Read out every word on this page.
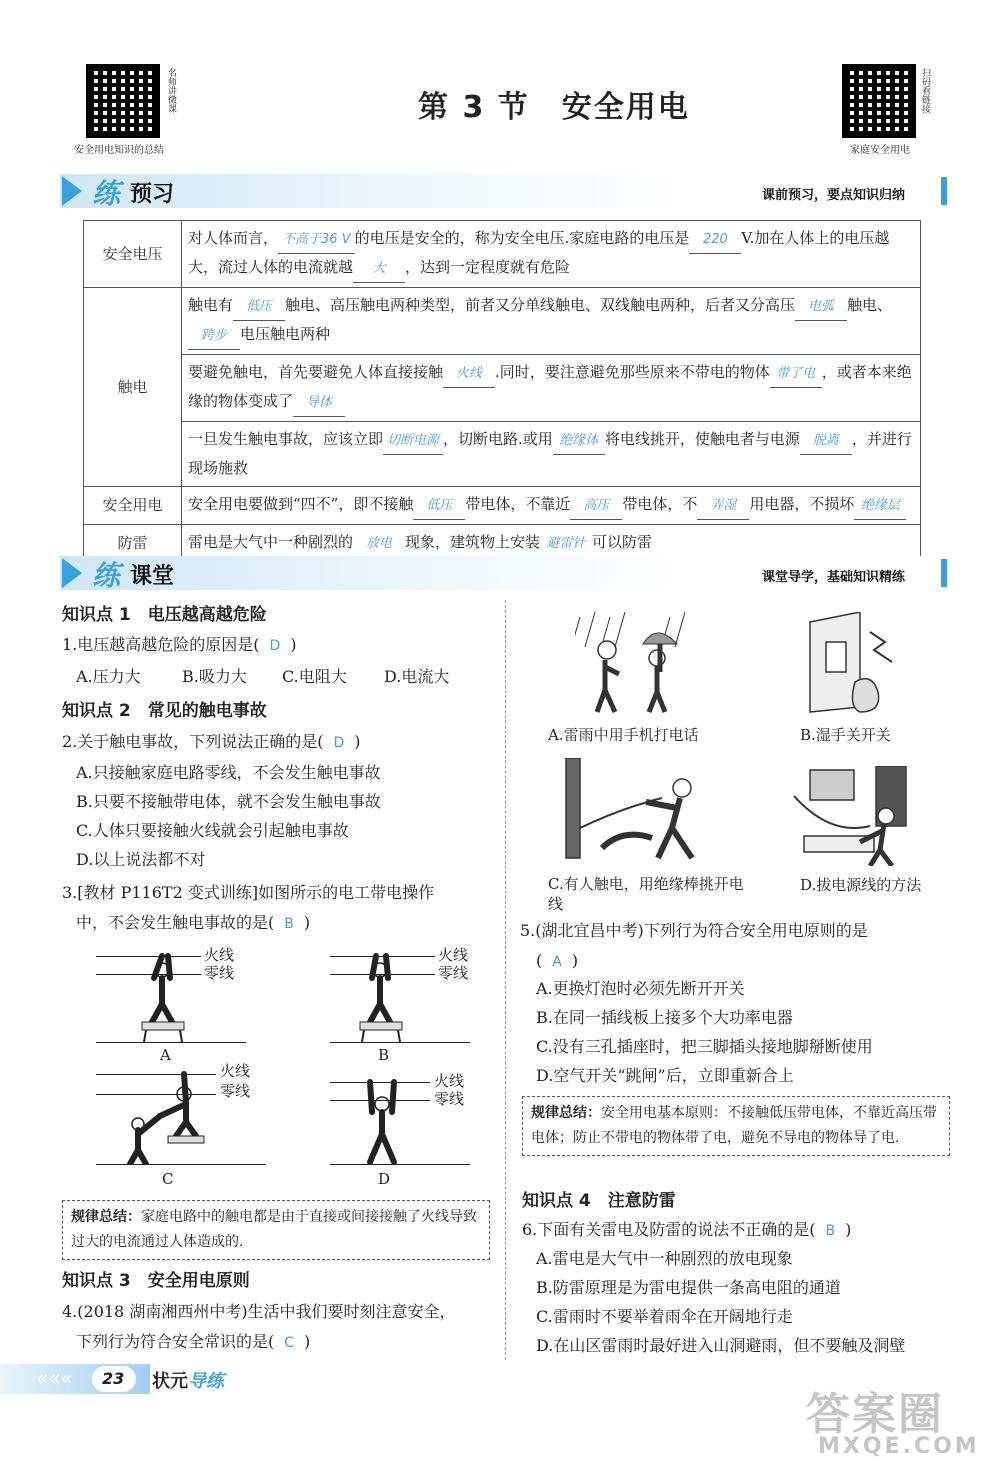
名师讲微课
安全用电知识的总结
第 3 节　安全用电	扫码看链接
家庭安全用电
练 预习	课前预习，要点知识归纳
安全电压	对人体而言， 不高于36 V 的电压是安全的，称为安全电压.家庭电路的电压是 220 V.加在人体上的电压越大，流过人体的电流就越 大 ，达到一定程度就有危险
触电	触电有 低压 触电、高压触电两种类型，前者又分单线触电、双线触电两种，后者又分高压 电弧 触电、跨步 电压触电两种
	要避免触电，首先要避免人体直接接触 火线 .同时，要注意避免那些原来不带电的物体 带了电 ，或者本来绝缘的物体变成了 导体
	一旦发生触电事故，应该立即 切断电源 ，切断电路.或用 绝缘体 将电线挑开，使触电者与电源 脱离 ，并进行现场施救
安全用电	安全用电要做到“四不”，即不接触 低压 带电体，不靠近 高压 带电体，不 弄湿 用电器，不损坏 绝缘层
防雷	雷电是大气中一种剧烈的 放电 现象，建筑物上安装 避雷针 可以防雷
练 课堂	课堂导学，基础知识精练
知识点 1　电压越高越危险
1.电压越高越危险的原因是( D )
A.压力大	B.吸力大 C.电阻大 D.电流大
知识点 2　常见的触电事故
2.关于触电事故，下列说法正确的是( D )
A.只接触家庭电路零线，不会发生触电事故
B.只要不接触带电体，就不会发生触电事故
C.人体只要接触火线就会引起触电事故
D.以上说法都不对
3.[教材 P116T2 变式训练]如图所示的电工带电操作
中，不会发生触电事故的是( B )
火线
零线
A
火线
零线
B
火线
零线
C
火线
零线
D
规律总结：家庭电路中的触电都是由于直接或间接接触了火线导致过大的电流通过人体造成的.
知识点 3　安全用电原则
4.(2018 湖南湘西州中考)生活中我们要时刻注意安全，
下列行为符合安全常识的是( C )
A.雷雨中用手机打电话	B.湿手关开关
C.有人触电，用绝缘棒挑开电线
D.拔电源线的方法
5.(湖北宜昌中考)下列行为符合安全用电原则的是
( A )
A.更换灯泡时必须先断开开关
B.在同一插线板上接多个大功率电器
C.没有三孔插座时，把三脚插头接地脚掰断使用
D.空气开关“跳闸”后，立即重新合上
规律总结：安全用电基本原则：不接触低压带电体，不靠近高压带电体；防止不带电的物体带了电，避免不导电的物体导了电.
知识点 4　注意防雷
6.下面有关雷电及防雷的说法不正确的是( B )
A.雷电是大气中一种剧烈的放电现象
B.防雷原理是为雷电提供一条高电阻的通道
C.雷雨时不要举着雨伞在开阔地行走
D.在山区雷雨时最好进入山洞避雨，但不要触及洞壁
««« 23 状元导练
答案圈
MXQE.COM
